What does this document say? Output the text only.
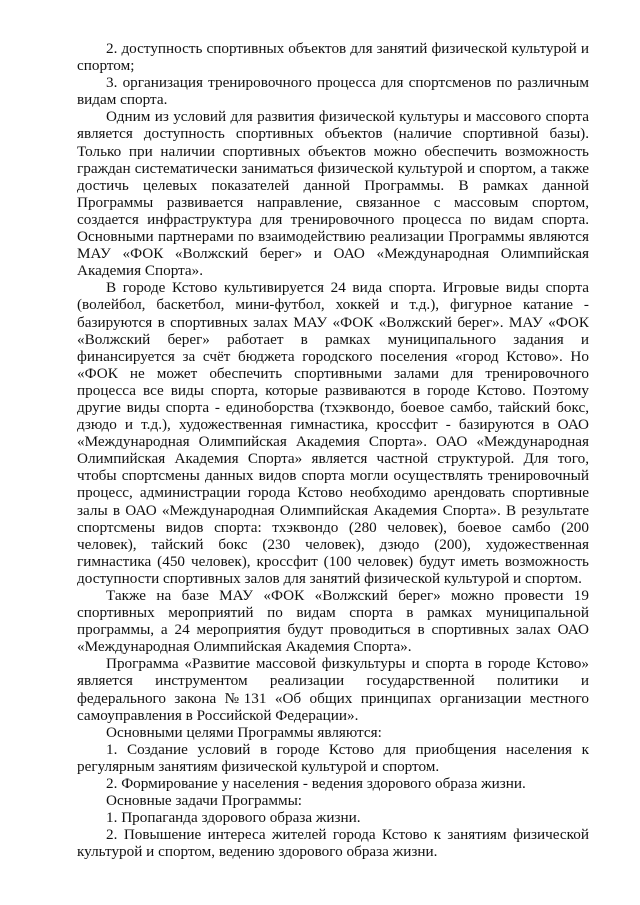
2. доступность спортивных объектов для занятий физической культурой и спортом;

3. организация тренировочного процесса для спортсменов по различным видам спорта.

Одним из условий для развития физической культуры и массового спорта является доступность спортивных объектов (наличие спортивной базы). Только при наличии спортивных объектов можно обеспечить возможность граждан систематически заниматься физической культурой и спортом, а также достичь целевых показателей данной Программы. В рамках данной Программы развивается направление, связанное с массовым спортом, создается инфраструктура для тренировочного процесса по видам спорта. Основными партнерами по взаимодействию реализации Программы являются МАУ «ФОК «Волжский берег» и ОАО «Международная Олимпийская Академия Спорта».

В городе Кстово культивируется 24 вида спорта. Игровые виды спорта (волейбол, баскетбол, мини-футбол, хоккей и т.д.), фигурное катание - базируются в спортивных залах МАУ «ФОК «Волжский берег». МАУ «ФОК «Волжский берег» работает в рамках муниципального задания и финансируется за счёт бюджета городского поселения «город Кстово». Но «ФОК не может обеспечить спортивными залами для тренировочного процесса все виды спорта, которые развиваются в городе Кстово. Поэтому другие виды спорта - единоборства (тхэквондо, боевое самбо, тайский бокс, дзюдо и т.д.), художественная гимнастика, кроссфит - базируются в ОАО «Международная Олимпийская Академия Спорта». ОАО «Международная Олимпийская Академия Спорта» является частной структурой. Для того, чтобы спортсмены данных видов спорта могли осуществлять тренировочный процесс, администрации города Кстово необходимо арендовать спортивные залы в ОАО «Международная Олимпийская Академия Спорта». В результате спортсмены видов спорта: тхэквондо (280 человек), боевое самбо (200 человек), тайский бокс (230 человек), дзюдо (200), художественная гимнастика (450 человек), кроссфит (100 человек) будут иметь возможность доступности спортивных залов для занятий физической культурой и спортом.

Также на базе МАУ «ФОК «Волжский берег» можно провести 19 спортивных мероприятий по видам спорта в рамках муниципальной программы, а 24 мероприятия будут проводиться в спортивных залах ОАО «Международная Олимпийская Академия Спорта».

Программа «Развитие массовой физкультуры и спорта в городе Кстово» является инструментом реализации государственной политики и федерального закона №131 «Об общих принципах организации местного самоуправления в Российской Федерации».

Основными целями Программы являются:

1. Создание условий в городе Кстово для приобщения населения к регулярным занятиям физической культурой и спортом.

2. Формирование у населения - ведения здорового образа жизни.

Основные задачи Программы:

1. Пропаганда здорового образа жизни.

2. Повышение интереса жителей города Кстово к занятиям физической культурой и спортом, ведению здорового образа жизни.
